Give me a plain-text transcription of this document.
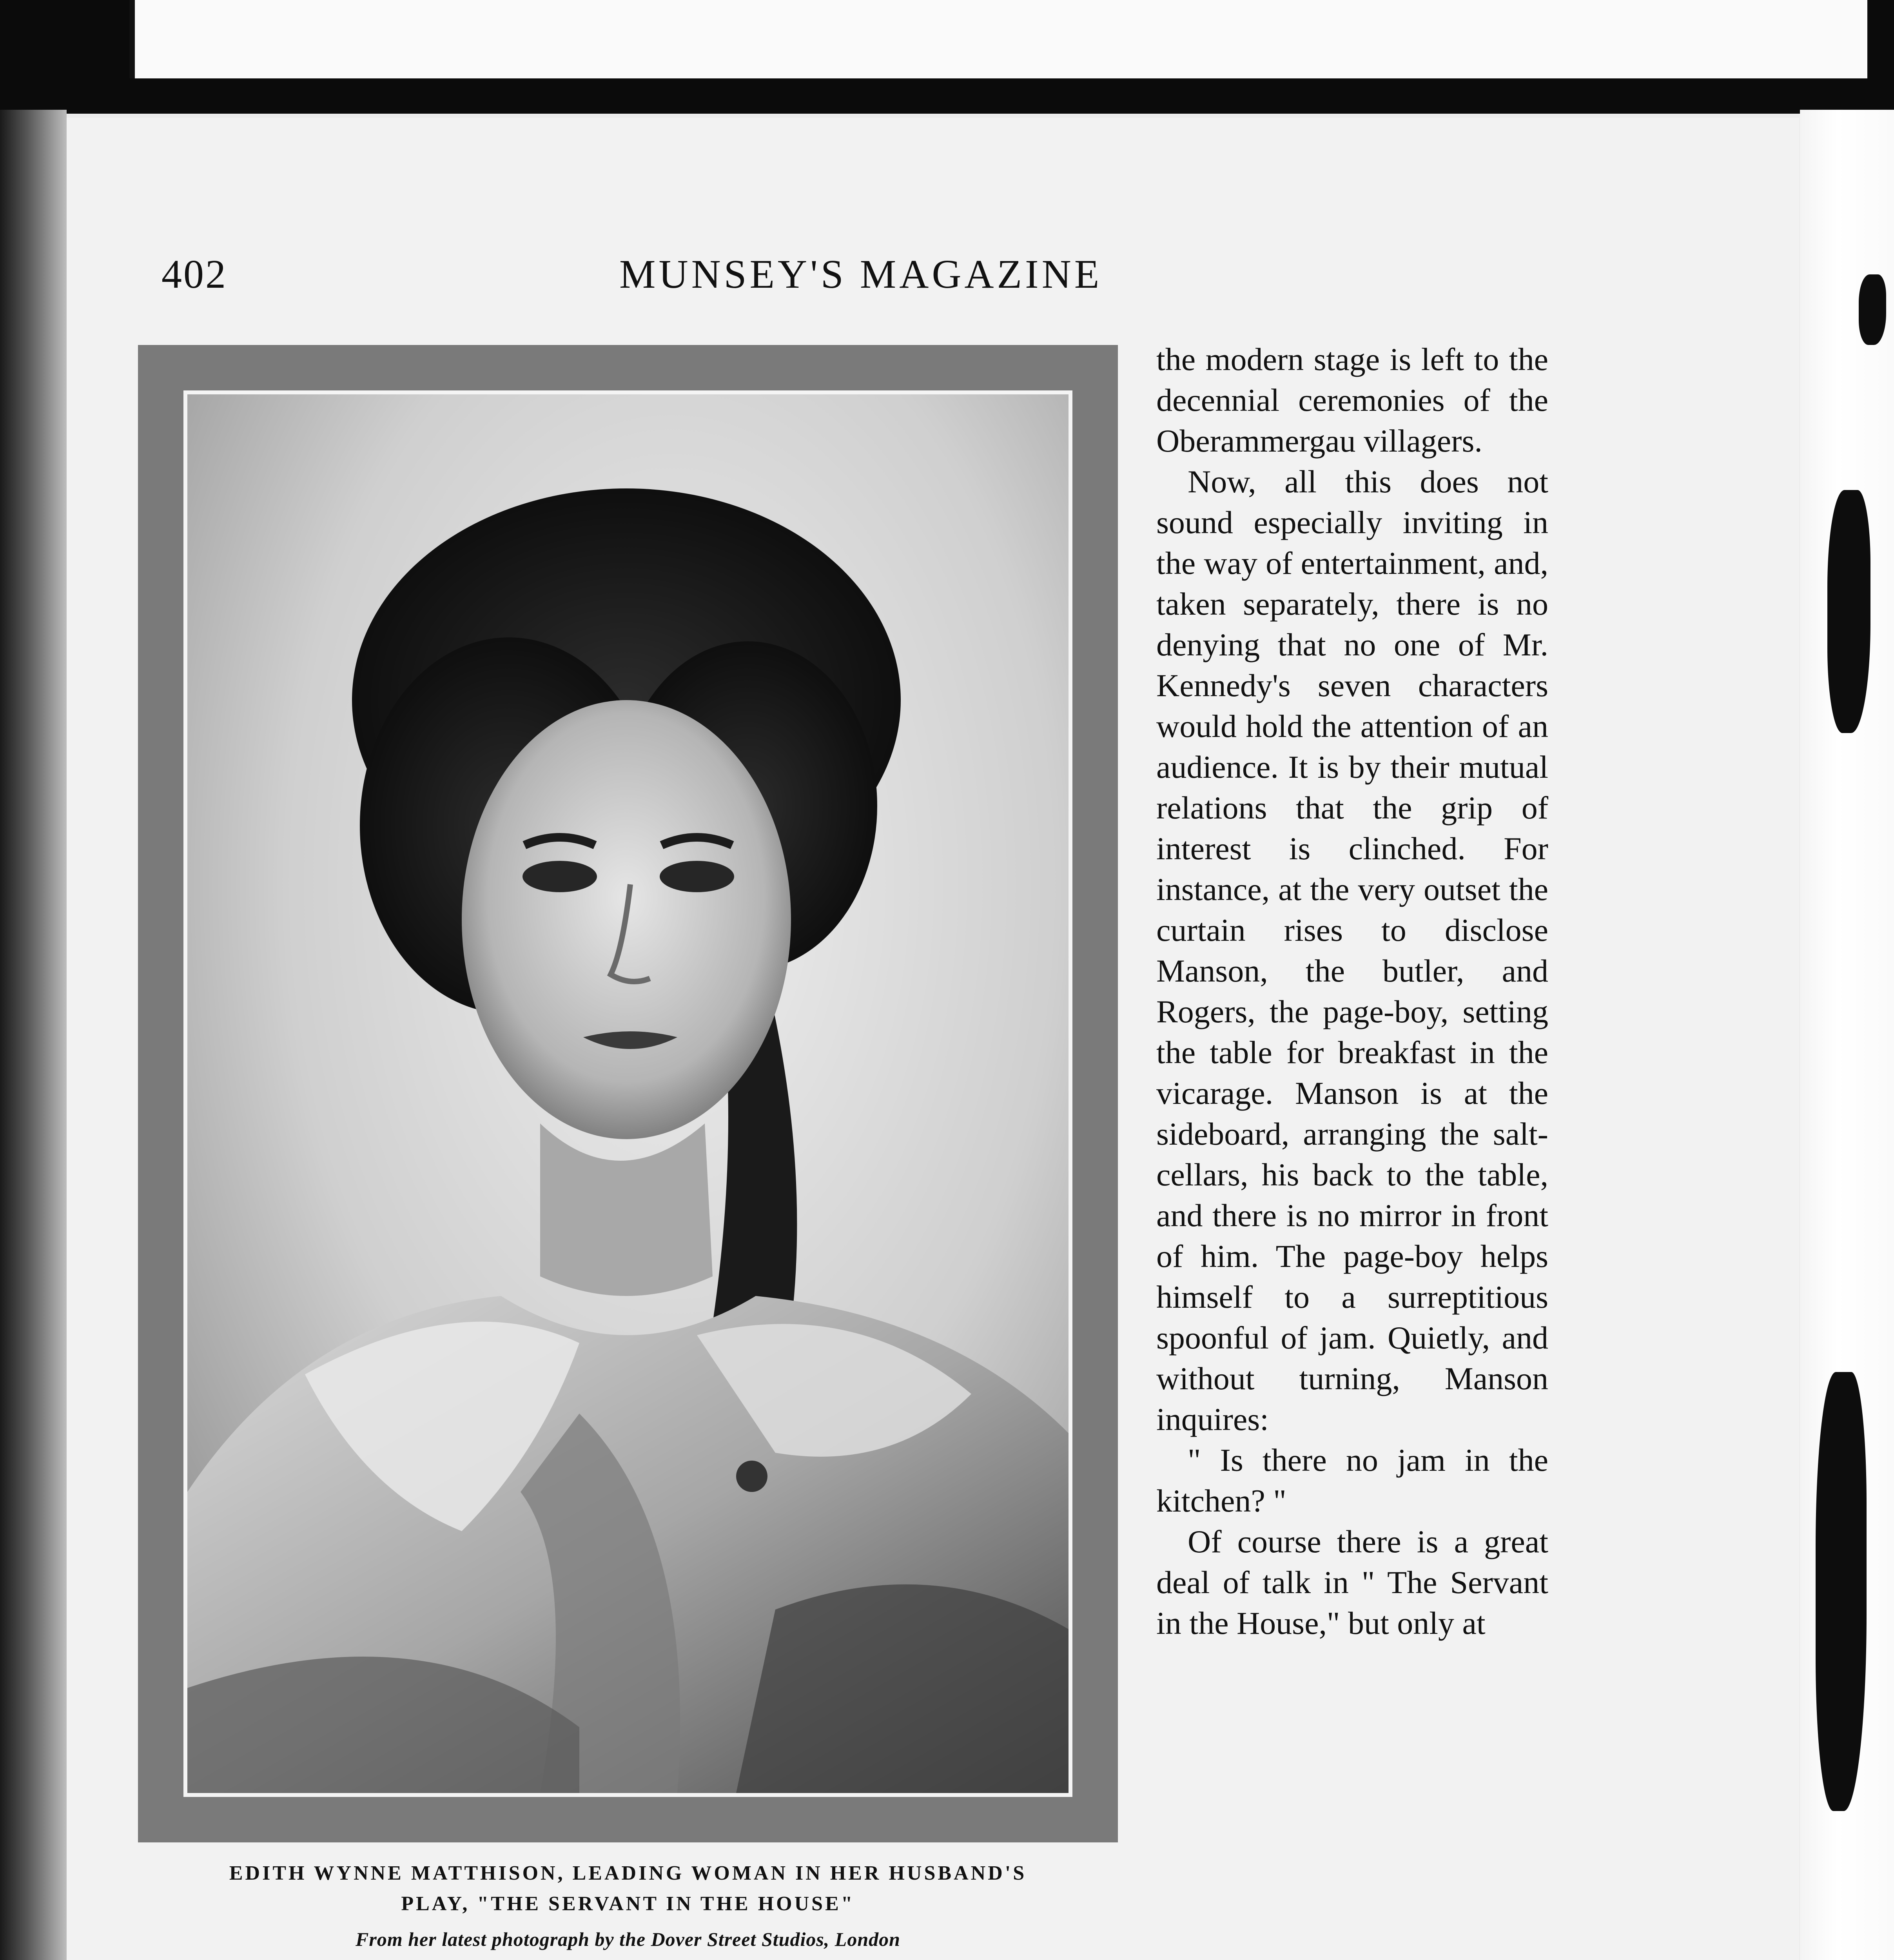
402	MUNSEY'S MAGAZINE
EDITH WYNNE MATTHISON, LEADING WOMAN IN HER HUSBAND'S
PLAY, "THE SERVANT IN THE HOUSE"
From her latest photograph by the Dover Street Studios, London

the modern stage is left to the decennial ceremonies of the Oberammergau villagers.

Now, all this does not sound especially inviting in the way of entertainment, and, taken separately, there is no denying that no one of Mr. Kennedy's seven characters would hold the attention of an audience. It is by their mutual relations that the grip of interest is clinched. For instance, at the very outset the curtain rises to disclose Manson, the butler, and Rogers, the page-boy, setting the table for breakfast in the vicarage. Manson is at the sideboard, arranging the salt-cellars, his back to the table, and there is no mirror in front of him. The page-boy helps himself to a surreptitious spoonful of jam. Quietly, and without turning, Manson inquires:

" Is there no jam in the kitchen? "

Of course there is a great deal of talk in " The Servant in the House," but only at
